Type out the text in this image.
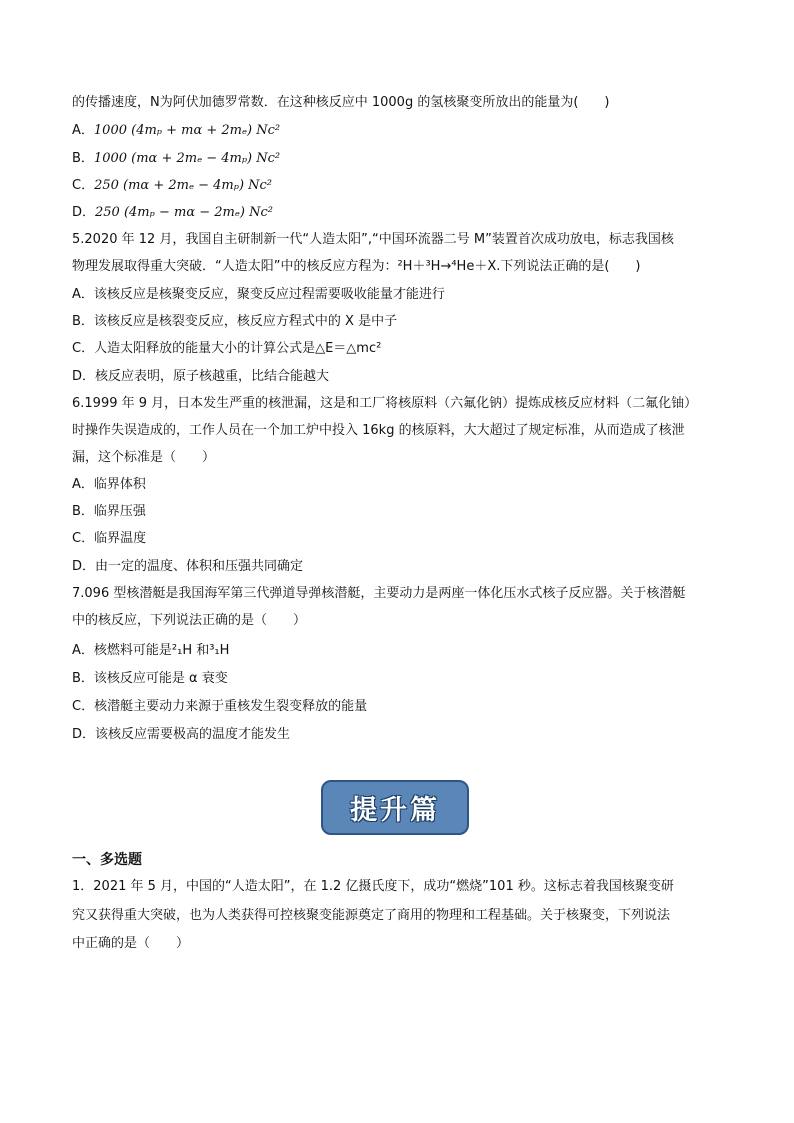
的传播速度，N为阿伏加德罗常数．在这种核反应中 1000g 的氢核聚变所放出的能量为(　　)
A．1000 (4mₚ + mα + 2mₑ) Nc²
B．1000 (mα + 2mₑ − 4mₚ) Nc²
C．250 (mα + 2mₑ − 4mₚ) Nc²
D．250 (4mₚ − mα − 2mₑ) Nc²
5.2020 年 12 月，我国自主研制新一代“人造太阳”,“中国环流器二号 M”装置首次成功放电，标志我国核
物理发展取得重大突破．“人造太阳”中的核反应方程为：²H＋³H→⁴He＋X.下列说法正确的是(　　)
A．该核反应是核聚变反应，聚变反应过程需要吸收能量才能进行
B．该核反应是核裂变反应，核反应方程式中的 X 是中子
C．人造太阳释放的能量大小的计算公式是△E＝△mc²
D．核反应表明，原子核越重，比结合能越大
6.1999 年 9 月，日本发生严重的核泄漏，这是和工厂将核原料（六氟化钠）提炼成核反应材料（二氟化铀）
时操作失误造成的，工作人员在一个加工炉中投入 16kg 的核原料，大大超过了规定标准，从而造成了核泄
漏，这个标准是（　　）
A．临界体积
B．临界压强
C．临界温度
D．由一定的温度、体积和压强共同确定
7.096 型核潜艇是我国海军第三代弹道导弹核潜艇，主要动力是两座一体化压水式核子反应器。关于核潜艇
中的核反应，下列说法正确的是（　　）
A．核燃料可能是²₁H 和³₁H
B．该核反应可能是 α 衰变
C．核潜艇主要动力来源于重核发生裂变释放的能量
D．该核反应需要极高的温度才能发生
提升篇
一、多选题
1．2021 年 5 月，中国的“人造太阳”，在 1.2 亿摄氏度下，成功“燃烧”101 秒。这标志着我国核聚变研
究又获得重大突破，也为人类获得可控核聚变能源奠定了商用的物理和工程基础。关于核聚变，下列说法
中正确的是（　　）
